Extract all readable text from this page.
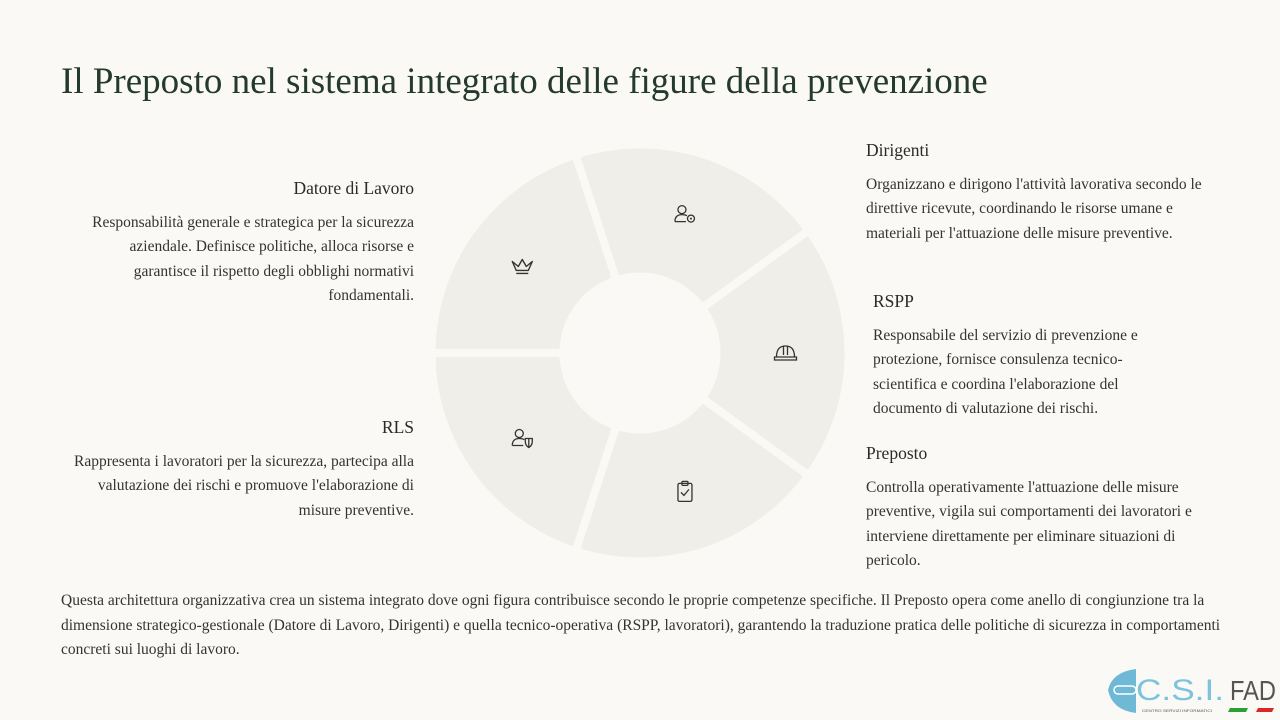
Il Preposto nel sistema integrato delle figure della prevenzione
Datore di Lavoro

Responsabilità generale e strategica per la sicurezza aziendale. Definisce politiche, alloca risorse e garantisce il rispetto degli obblighi normativi fondamentali.

RLS

Rappresenta i lavoratori per la sicurezza, partecipa alla valutazione dei rischi e promuove l'elaborazione di misure preventive.

Dirigenti

Organizzano e dirigono l'attività lavorativa secondo le direttive ricevute, coordinando le risorse umane e materiali per l'attuazione delle misure preventive.

RSPP

Responsabile del servizio di prevenzione e protezione, fornisce consulenza tecnico-scientifica e coordina l'elaborazione del documento di valutazione dei rischi.

Preposto

Controlla operativamente l'attuazione delle misure preventive, vigila sui comportamenti dei lavoratori e interviene direttamente per eliminare situazioni di pericolo.

Questa architettura organizzativa crea un sistema integrato dove ogni figura contribuisce secondo le proprie competenze specifiche. Il Preposto opera come anello di congiunzione tra la dimensione strategico-gestionale (Datore di Lavoro, Dirigenti) e quella tecnico-operativa (RSPP, lavoratori), garantendo la traduzione pratica delle politiche di sicurezza in comportamenti concreti sui luoghi di lavoro.

C.S.I. FAD
CENTRO SERVIZI INFORMATICI
